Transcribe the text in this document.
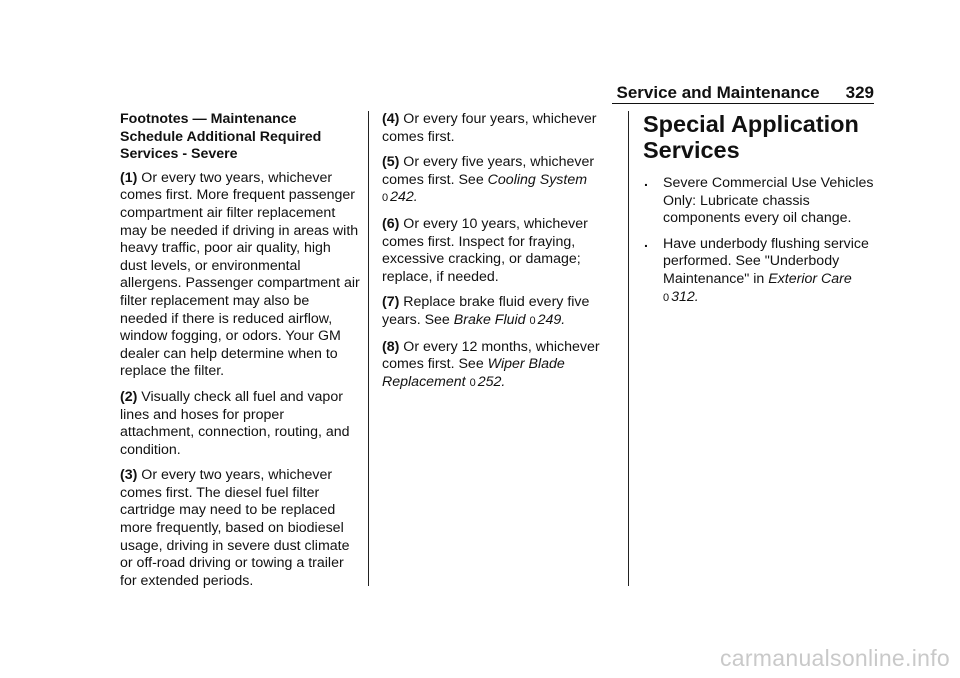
Service and Maintenance 329

Footnotes — Maintenance Schedule Additional Required Services - Severe

(1) Or every two years, whichever comes first. More frequent passenger compartment air filter replacement may be needed if driving in areas with heavy traffic, poor air quality, high dust levels, or environmental allergens. Passenger compartment air filter replacement may also be needed if there is reduced airflow, window fogging, or odors. Your GM dealer can help determine when to replace the filter.

(2) Visually check all fuel and vapor lines and hoses for proper attachment, connection, routing, and condition.

(3) Or every two years, whichever comes first. The diesel fuel filter cartridge may need to be replaced more frequently, based on biodiesel usage, driving in severe dust climate or off-road driving or towing a trailer for extended periods.

(4) Or every four years, whichever comes first.

(5) Or every five years, whichever comes first. See Cooling System 0 242.

(6) Or every 10 years, whichever comes first. Inspect for fraying, excessive cracking, or damage; replace, if needed.

(7) Replace brake fluid every five years. See Brake Fluid 0 249.

(8) Or every 12 months, whichever comes first. See Wiper Blade Replacement 0 252.

Special Application Services
. Severe Commercial Use Vehicles Only: Lubricate chassis components every oil change.
. Have underbody flushing service performed. See "Underbody Maintenance" in Exterior Care 0 312.
carmanualsonline.info
